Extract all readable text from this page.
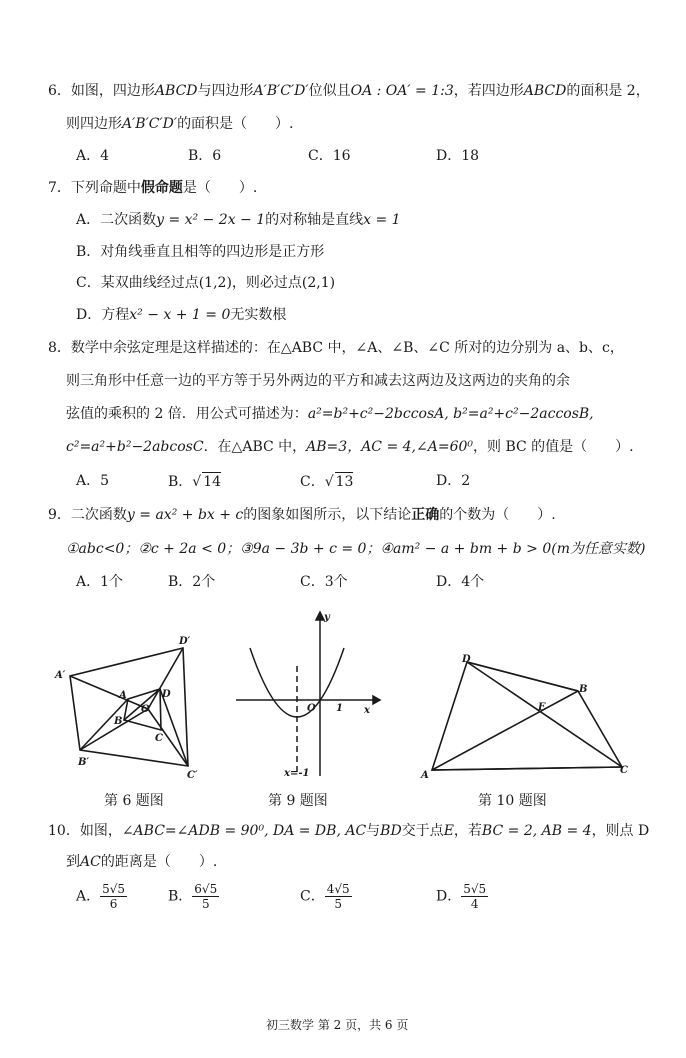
6．如图，四边形ABCD与四边形A′B′C′D′位似且OA : OA′ = 1:3，若四边形ABCD的面积是 2，
则四边形A′B′C′D′的面积是（　　）.
A．4	B．6	C．16	D．18
7．下列命题中假命题是（　　）.
A．二次函数y = x² − 2x − 1的对称轴是直线x = 1
B．对角线垂直且相等的四边形是正方形
C．某双曲线经过点(1,2)，则必过点(2,1)
D．方程x² − x + 1 = 0无实数根
8．数学中余弦定理是这样描述的：在△ABC 中，∠A、∠B、∠C 所对的边分别为 a、b、c，
则三角形中任意一边的平方等于另外两边的平方和减去这两边及这两边的夹角的余
弦值的乘积的 2 倍．用公式可描述为：a²=b²+c²−2bccosA, b²=a²+c²−2accosB,
c²=a²+b²−2abcosC．在△ABC 中，AB=3，AC = 4,∠A=60⁰，则 BC 的值是（　　）.
A．5	B． √ 14	C． √ 13	D．2
9．二次函数y = ax² + bx + c的图象如图所示，以下结论正确的个数为（　　）.
①abc<0；②c + 2a < 0；③9a − 3b + c = 0；④am² − a + bm + b > 0(m为任意实数)
A．1个	B．2个	C．3个	D．4个
A′
B′
C′
D′
A
B
C
D
O
y
x
O 1
x=-1	A
B
C
D
E
第 6 题图	第 9 题图	第 10 题图
10．如图，∠ABC=∠ADB = 90⁰, DA = DB, AC与BD交于点E，若BC = 2, AB = 4，则点 D
到AC的距离是（　　）.
A． $\frac{5√5}{6}$	B． $\frac{6√5}{5}$	C． $\frac{4√5}{5}$	D． $\frac{5√5}{4}$
初三数学 第 2 页，共 6 页
